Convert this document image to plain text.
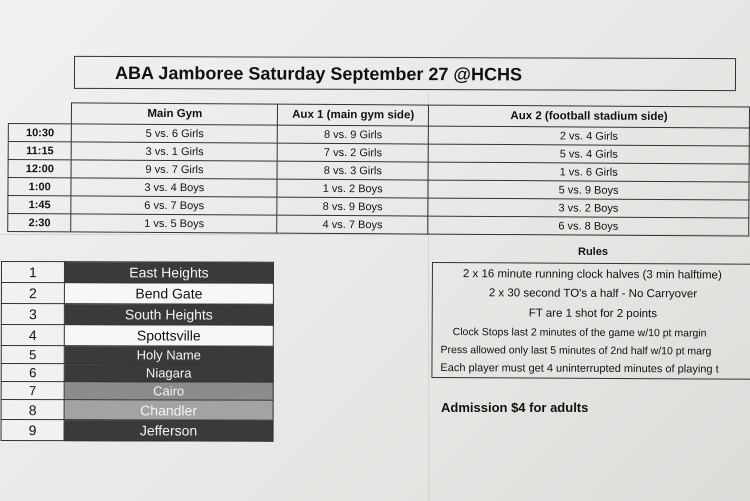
ABA Jamboree Saturday September 27 @HCHS
	Main Gym	Aux 1 (main gym side)	Aux 2 (football stadium side)
10:30	5 vs. 6 Girls	8 vs. 9 Girls	2 vs. 4 Girls
11:15	3 vs. 1 Girls	7 vs. 2 Girls	5 vs. 4 Girls
12:00	9 vs. 7 Girls	8 vs. 3 Girls	1 vs. 6 Girls
1:00	3 vs. 4 Boys	1 vs. 2 Boys	5 vs. 9 Boys
1:45	6 vs. 7 Boys	8 vs. 9 Boys	3 vs. 2 Boys
2:30	1 vs. 5 Boys	4 vs. 7 Boys	6 vs. 8 Boys
1	East Heights
2	Bend Gate
3	South Heights
4	Spottsville
5	Holy Name
6	Niagara
7	Cairo
8	Chandler
9	Jefferson
Rules
2 x 16 minute running clock halves (3 min halftime)
2 x 30 second TO's a half - No Carryover
FT are 1 shot for 2 points
Clock Stops last 2 minutes of the game w/10 pt margin
Press allowed only last 5 minutes of 2nd half w/10 pt marg
Each player must get 4 uninterrupted minutes of playing t
Admission $4 for adults
